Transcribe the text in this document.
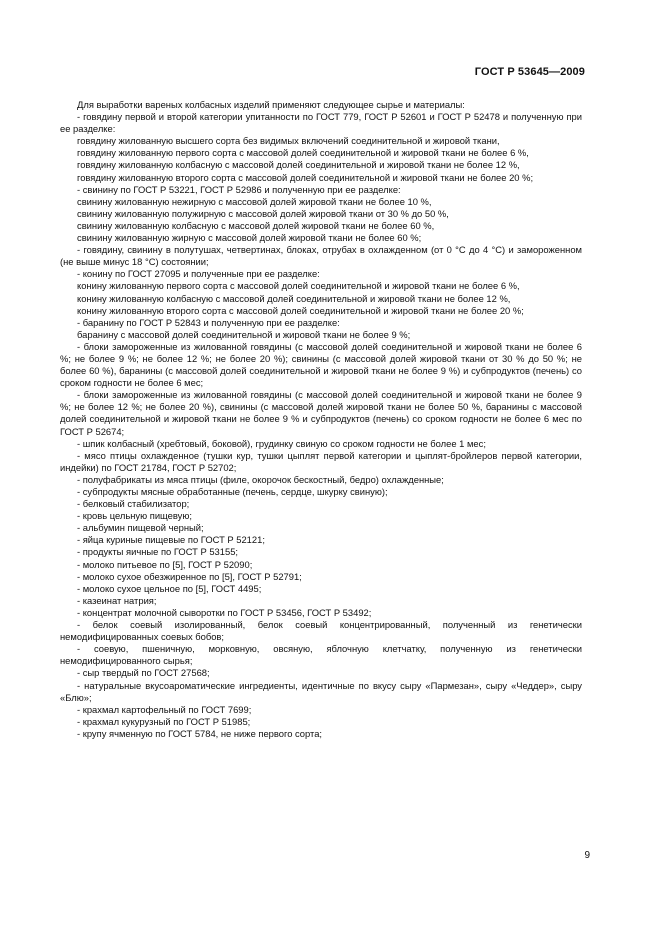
ГОСТ Р 53645—2009

Для выработки вареных колбасных изделий применяют следующее сырье и материалы:

- говядину первой и второй категории упитанности по ГОСТ 779, ГОСТ Р 52601 и ГОСТ Р 52478 и полученную при ее разделке:

говядину жилованную высшего сорта без видимых включений соединительной и жировой ткани,

говядину жилованную первого сорта с массовой долей соединительной и жировой ткани не более 6 %,

говядину жилованную колбасную с массовой долей соединительной и жировой ткани не более 12 %,

говядину жилованную второго сорта с массовой долей соединительной и жировой ткани не более 20 %;

- свинину по ГОСТ Р 53221, ГОСТ Р 52986 и полученную при ее разделке:

свинину жилованную нежирную с массовой долей жировой ткани не более 10 %,

свинину жилованную полужирную с массовой долей жировой ткани от 30 % до 50 %,

свинину жилованную колбасную с массовой долей жировой ткани не более 60 %,

свинину жилованную жирную с массовой долей жировой ткани не более 60 %;

- говядину, свинину в полутушах, четвертинах, блоках, отрубах в охлажденном (от 0 °С до 4 °С) и замороженном (не выше минус 18 °С) состоянии;

- конину по ГОСТ 27095 и полученные при ее разделке:

конину жилованную первого сорта с массовой долей соединительной и жировой ткани не более 6 %,

конину жилованную колбасную с массовой долей соединительной и жировой ткани не более 12 %,

конину жилованную второго сорта с массовой долей соединительной и жировой ткани не более 20 %;

- баранину по ГОСТ Р 52843 и полученную при ее разделке:

баранину с массовой долей соединительной и жировой ткани не более 9 %;

- блоки замороженные из жилованной говядины (с массовой долей соединительной и жировой ткани не более 6 %; не более 9 %; не более 12 %; не более 20 %); свинины (с массовой долей жировой ткани от 30 % до 50 %; не более 60 %), баранины (с массовой долей соединительной и жировой ткани не более 9 %) и субпродуктов (печень) со сроком годности не более 6 мес;

- блоки замороженные из жилованной говядины (с массовой долей соединительной и жировой ткани не более 9 %; не более 12 %; не более 20 %), свинины (с массовой долей жировой ткани не более 50 %, баранины с массовой долей соединительной и жировой ткани не более 9 % и субпродуктов (печень) со сроком годности не более 6 мес по ГОСТ Р 52674;

- шпик колбасный (хребтовый, боковой), грудинку свиную со сроком годности не более 1 мес;

- мясо птицы охлажденное (тушки кур, тушки цыплят первой категории и цыплят-бройлеров первой категории, индейки) по ГОСТ 21784, ГОСТ Р 52702;

- полуфабрикаты из мяса птицы (филе, окорочок бескостный, бедро) охлажденные;

- субпродукты мясные обработанные (печень, сердце, шкурку свиную);

- белковый стабилизатор;

- кровь цельную пищевую;

- альбумин пищевой черный;

- яйца куриные пищевые по ГОСТ Р 52121;

- продукты яичные по ГОСТ Р 53155;

- молоко питьевое по [5], ГОСТ Р 52090;

- молоко сухое обезжиренное по [5], ГОСТ Р 52791;

- молоко сухое цельное по [5], ГОСТ 4495;

- казеинат натрия;

- концентрат молочной сыворотки по ГОСТ Р 53456, ГОСТ Р 53492;

- белок соевый изолированный, белок соевый концентрированный, полученный из генетически немодифицированных соевых бобов;

- соевую, пшеничную, морковную, овсяную, яблочную клетчатку, полученную из генетически немодифицированного сырья;

- сыр твердый по ГОСТ 27568;

- натуральные вкусоароматические ингредиенты, идентичные по вкусу сыру «Пармезан», сыру «Чеддер», сыру «Блю»;

- крахмал картофельный по ГОСТ 7699;

- крахмал кукурузный по ГОСТ Р 51985;

- крупу ячменную по ГОСТ 5784, не ниже первого сорта;

9
